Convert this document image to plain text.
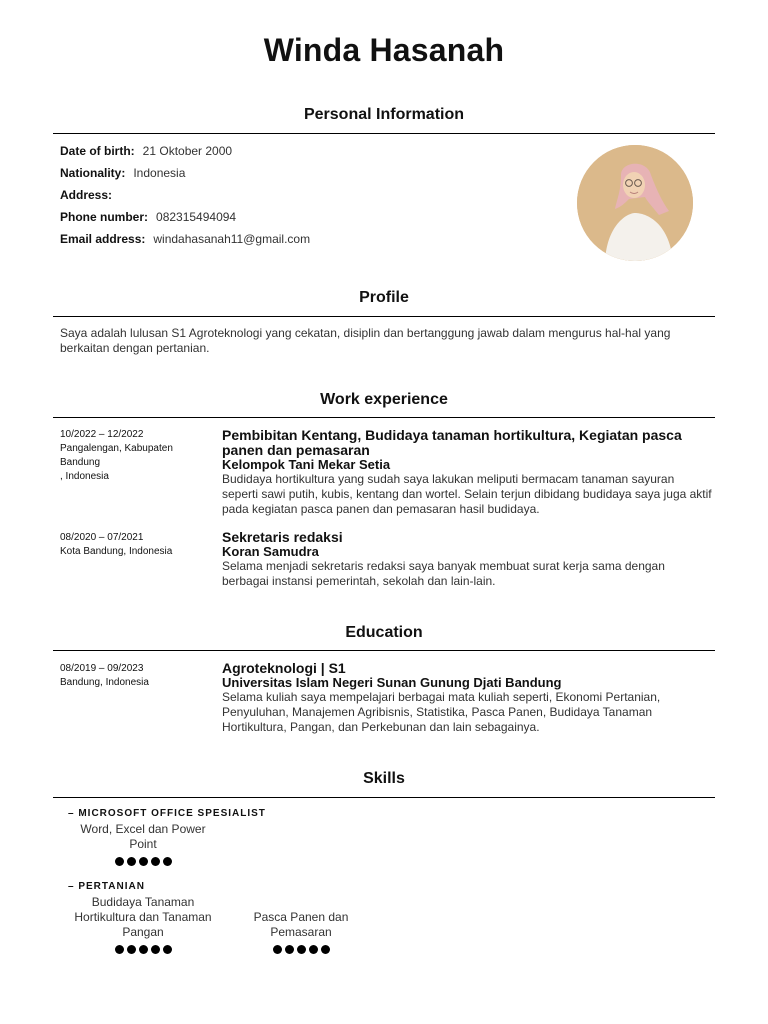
Winda Hasanah
Personal Information
Date of birth: 21 Oktober 2000
Nationality: Indonesia
Address:
Phone number: 082315494094
Email address: windahasanah11@gmail.com
Profile
Saya adalah lulusan S1 Agroteknologi yang cekatan, disiplin dan bertanggung jawab dalam mengurus hal-hal yang berkaitan dengan pertanian.
Work experience
10/2022 – 12/2022
Pangalengan, Kabupaten
Bandung
, Indonesia
Pembibitan Kentang, Budidaya tanaman hortikultura, Kegiatan pasca panen dan pemasaran
Kelompok Tani Mekar Setia
Budidaya hortikultura yang sudah saya lakukan meliputi bermacam tanaman sayuran seperti sawi putih, kubis, kentang dan wortel. Selain terjun dibidang budidaya saya juga aktif pada kegiatan pasca panen dan pemasaran hasil budidaya.
08/2020 – 07/2021
Kota Bandung, Indonesia
Sekretaris redaksi
Koran Samudra
Selama menjadi sekretaris redaksi saya banyak membuat surat kerja sama dengan berbagai instansi pemerintah, sekolah dan lain-lain.
Education
08/2019 – 09/2023
Bandung, Indonesia
Agroteknologi | S1
Universitas Islam Negeri Sunan Gunung Djati Bandung
Selama kuliah saya mempelajari berbagai mata kuliah seperti, Ekonomi Pertanian, Penyuluhan, Manajemen Agribisnis, Statistika, Pasca Panen, Budidaya Tanaman Hortikultura, Pangan, dan Perkebunan dan lain sebagainya.
Skills
– MICROSOFT OFFICE SPESIALIST
Word, Excel dan Power Point
– PERTANIAN
Budidaya Tanaman Hortikultura dan Tanaman Pangan
Pasca Panen dan Pemasaran
